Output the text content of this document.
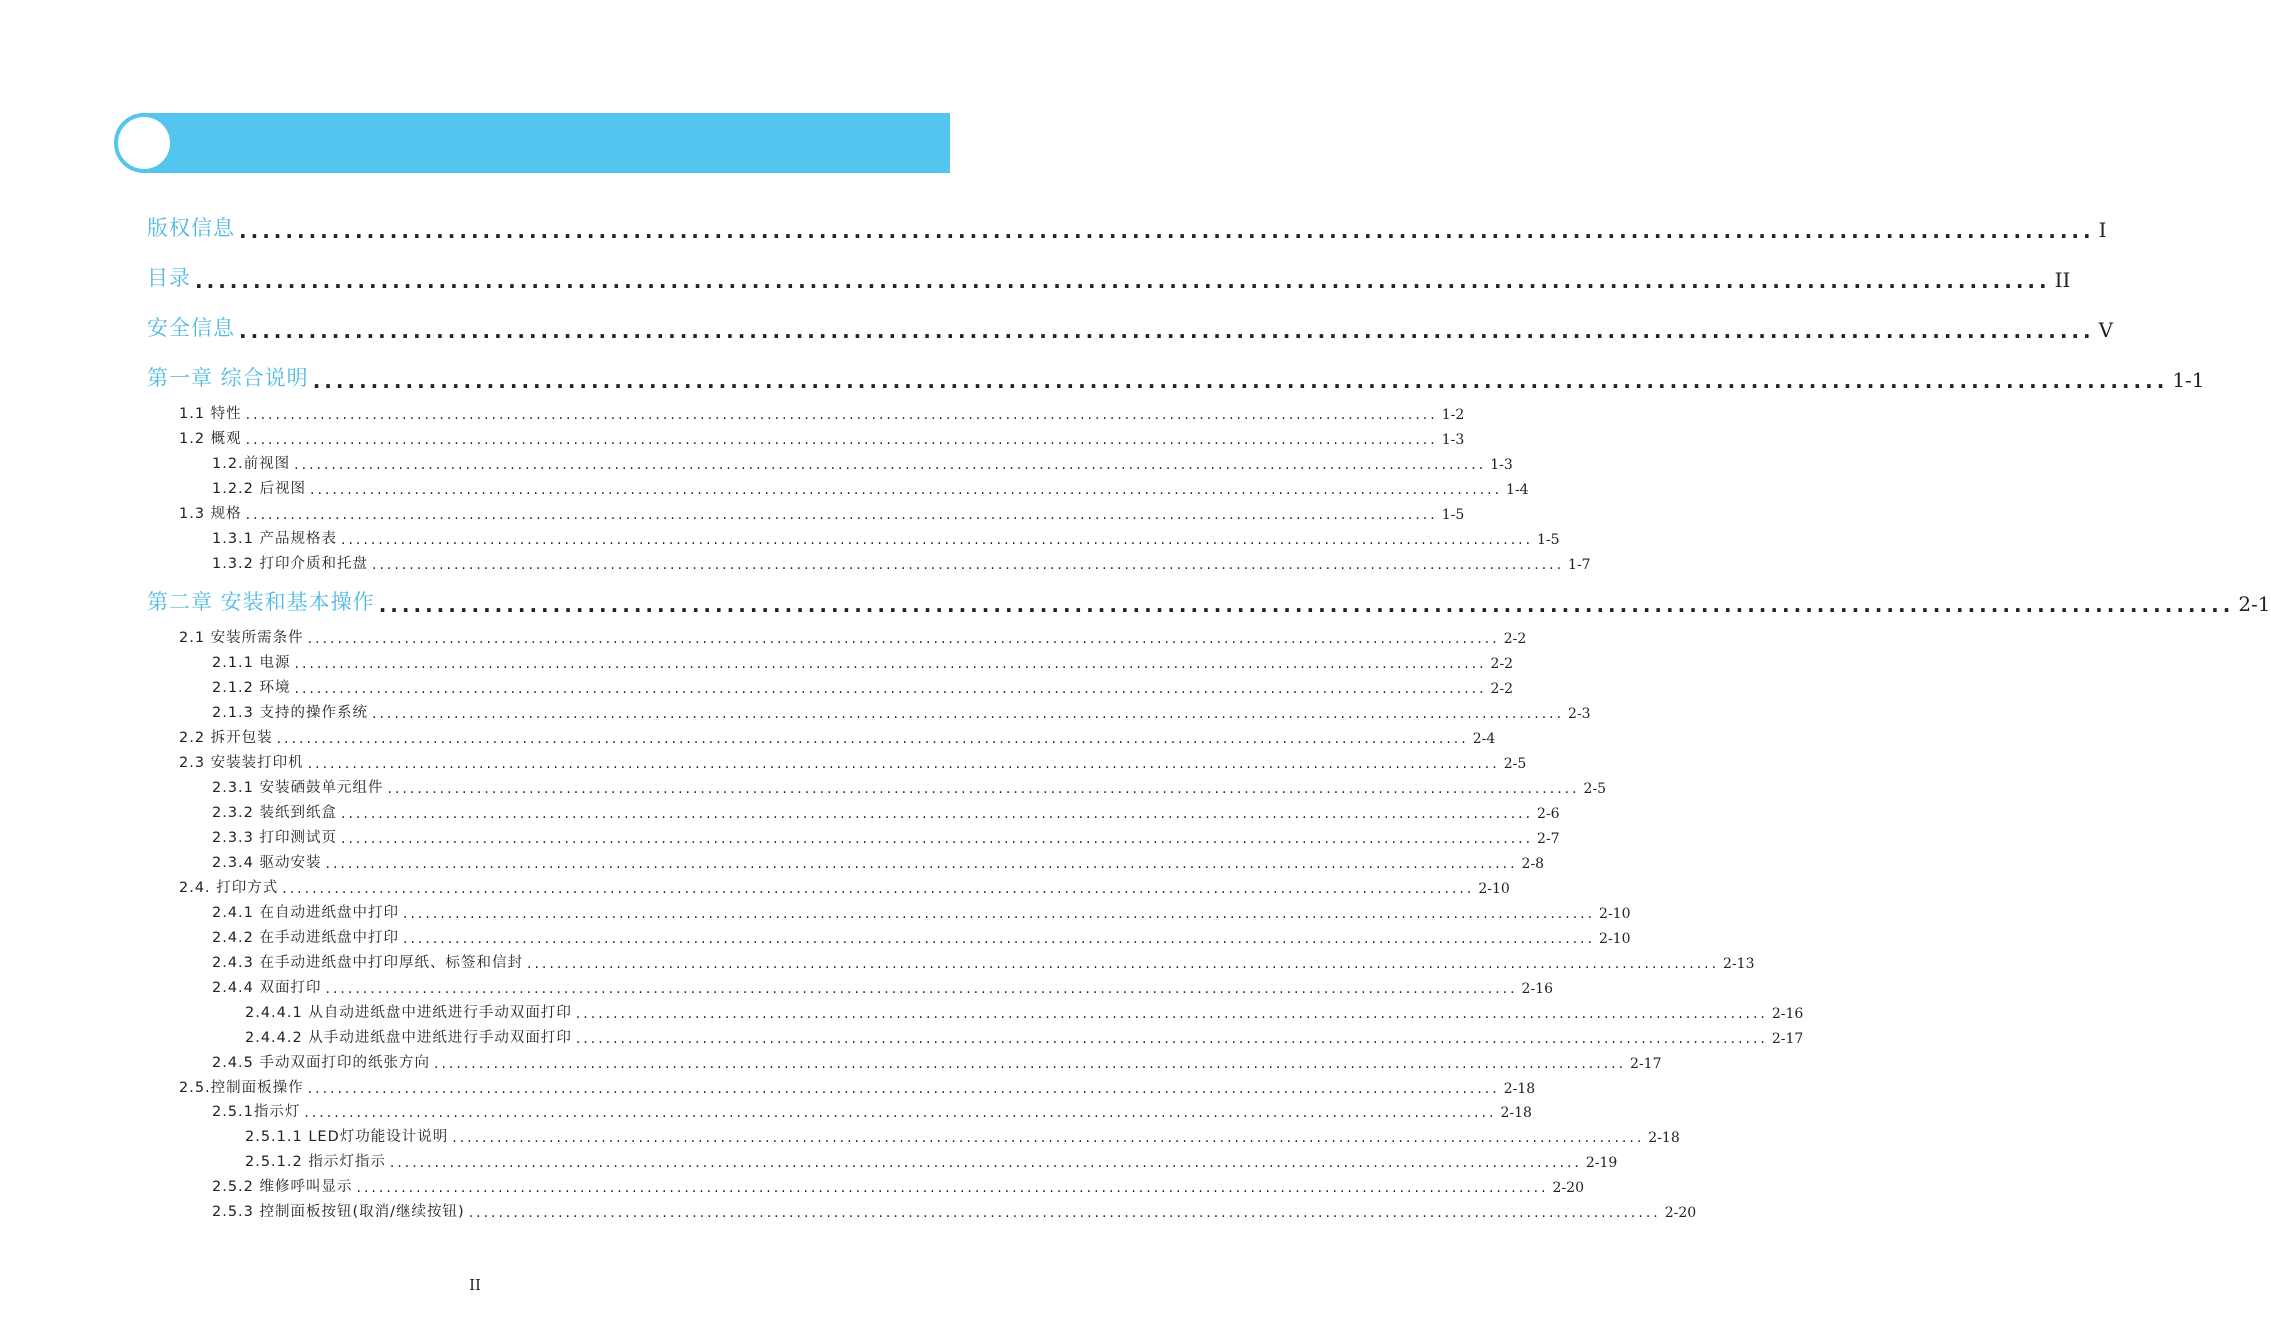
版权信息 ................................................................................................................................................................ I
目录 ................................................................................................................................................................ II
安全信息 ................................................................................................................................................................ V
第一章 综合说明 ................................................................................................................................................................ 1-1
1.1 特性 ................................................................................................................................................................ 1-2
1.2 概观 ................................................................................................................................................................ 1-3
1.2.前视图 ................................................................................................................................................................ 1-3
1.2.2 后视图 ................................................................................................................................................................ 1-4
1.3 规格 ................................................................................................................................................................ 1-5
1.3.1 产品规格表 ................................................................................................................................................................ 1-5
1.3.2 打印介质和托盘 ................................................................................................................................................................ 1-7
第二章 安装和基本操作 ................................................................................................................................................................ 2-1
2.1 安装所需条件 ................................................................................................................................................................ 2-2
2.1.1 电源 ................................................................................................................................................................ 2-2
2.1.2 环境 ................................................................................................................................................................ 2-2
2.1.3 支持的操作系统 ................................................................................................................................................................ 2-3
2.2 拆开包装 ................................................................................................................................................................ 2-4
2.3 安装装打印机 ................................................................................................................................................................ 2-5
2.3.1 安装硒鼓单元组件 ................................................................................................................................................................ 2-5
2.3.2 装纸到纸盒 ................................................................................................................................................................ 2-6
2.3.3 打印测试页 ................................................................................................................................................................ 2-7
2.3.4 驱动安装 ................................................................................................................................................................ 2-8
2.4. 打印方式 ................................................................................................................................................................ 2-10
2.4.1 在自动进纸盘中打印 ................................................................................................................................................................ 2-10
2.4.2 在手动进纸盘中打印 ................................................................................................................................................................ 2-10
2.4.3 在手动进纸盘中打印厚纸、标签和信封 ................................................................................................................................................................ 2-13
2.4.4 双面打印 ................................................................................................................................................................ 2-16
2.4.4.1 从自动进纸盘中进纸进行手动双面打印 ................................................................................................................................................................ 2-16
2.4.4.2 从手动进纸盘中进纸进行手动双面打印 ................................................................................................................................................................ 2-17
2.4.5 手动双面打印的纸张方向 ................................................................................................................................................................ 2-17
2.5.控制面板操作 ................................................................................................................................................................ 2-18
2.5.1指示灯 ................................................................................................................................................................ 2-18
2.5.1.1 LED灯功能设计说明 ................................................................................................................................................................ 2-18
2.5.1.2 指示灯指示 ................................................................................................................................................................ 2-19
2.5.2 维修呼叫显示 ................................................................................................................................................................ 2-20
2.5.3 控制面板按钮(取消/继续按钮) ................................................................................................................................................................ 2-20
II
